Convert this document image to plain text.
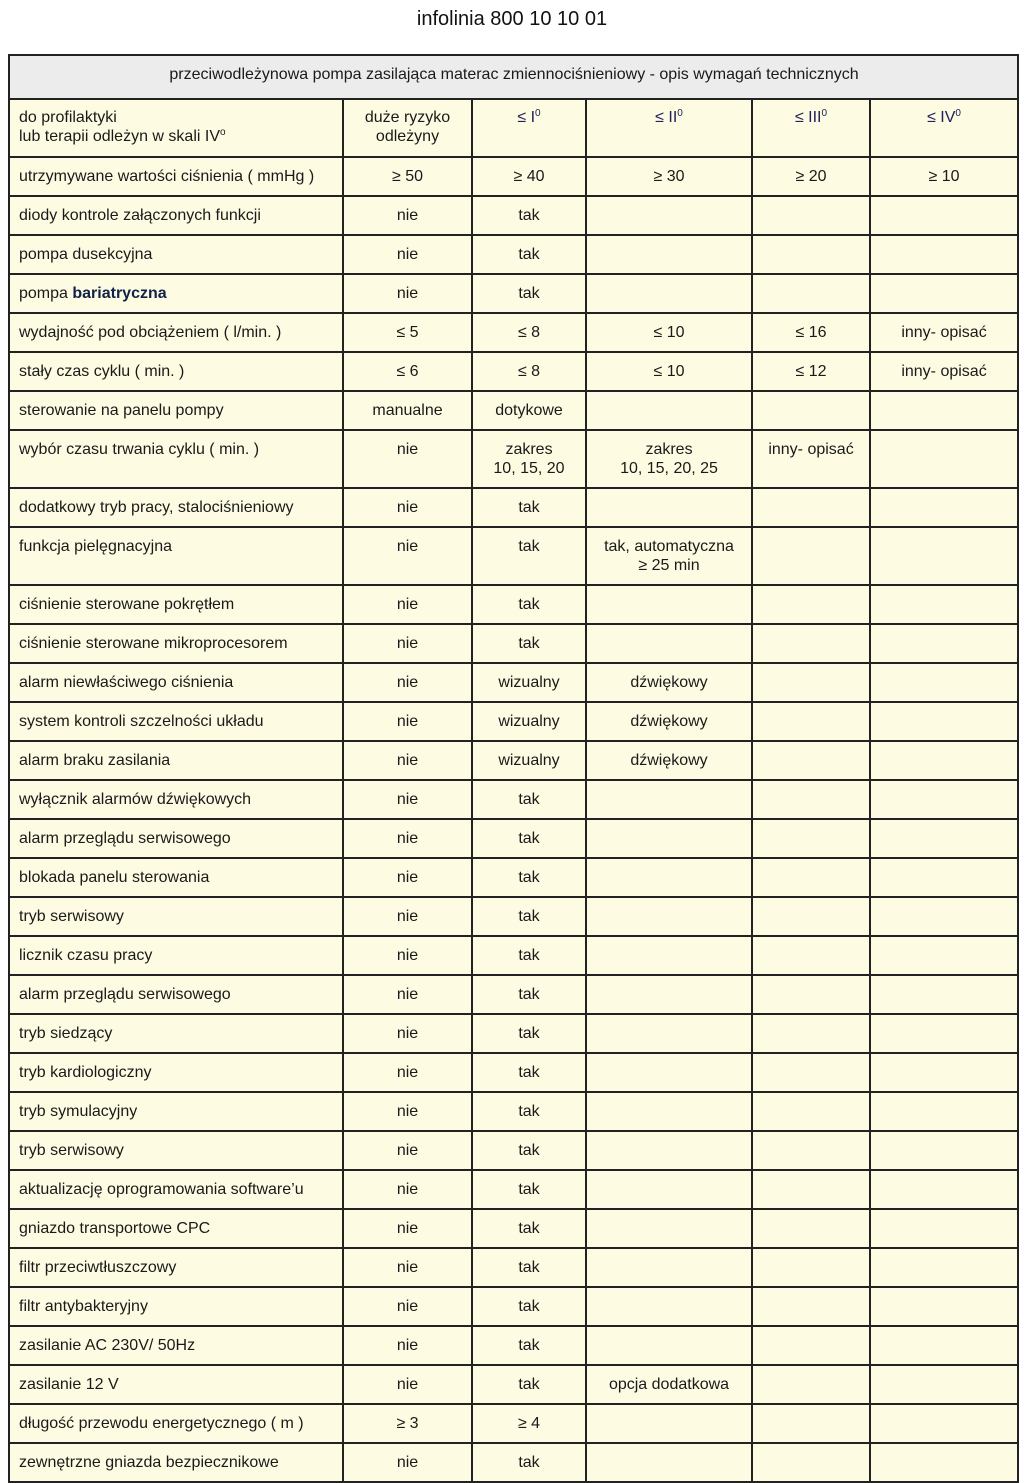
infolinia 800 10 10 01
przeciwodleżynowa pompa zasilająca materac zmiennociśnieniowy - opis wymagań technicznych					

do profilaktyki
lub terapii odleżyn w skali $IV^o$	duże ryzyko
odleżyny	≤ $I^0$	≤ $II^0$	≤ $III^0$	≤ $IV^0$

utrzymywane wartości ciśnienia ( mmHg )	≥ 50	≥ 40	≥ 30	≥ 20	≥ 10

diody kontrole załączonych funkcji	nie	tak			

pompa dusekcyjna	nie	tak			

pompa bariatryczna	nie	tak			

wydajność pod obciążeniem ( l/min. )	≤ 5	≤ 8	≤ 10	≤ 16	inny- opisać

stały czas cyklu ( min. )	≤ 6	≤ 8	≤ 10	≤ 12	inny- opisać

sterowanie na panelu pompy	manualne	dotykowe			

wybór czasu trwania cyklu ( min. )	nie	zakres
10, 15, 20	zakres
10, 15, 20, 25	inny- opisać	

dodatkowy tryb pracy, stalociśnieniowy	nie	tak			

funkcja pielęgnacyjna	nie	tak	tak, automatyczna
≥ 25 min		

ciśnienie sterowane pokrętłem	nie	tak			

ciśnienie sterowane mikroprocesorem	nie	tak			

alarm niewłaściwego ciśnienia	nie	wizualny	dźwiękowy		

system kontroli szczelności układu	nie	wizualny	dźwiękowy		

alarm braku zasilania	nie	wizualny	dźwiękowy		

wyłącznik alarmów dźwiękowych	nie	tak			

alarm przeglądu serwisowego	nie	tak			

blokada panelu sterowania	nie	tak			

tryb serwisowy	nie	tak			

licznik czasu pracy	nie	tak			

alarm przeglądu serwisowego	nie	tak			

tryb siedzący	nie	tak			

tryb kardiologiczny	nie	tak			

tryb symulacyjny	nie	tak			

tryb serwisowy	nie	tak			

aktualizację oprogramowania software’u	nie	tak			

gniazdo transportowe CPC	nie	tak			

filtr przeciwtłuszczowy	nie	tak			

filtr antybakteryjny	nie	tak			

zasilanie AC 230V/ 50Hz	nie	tak			

zasilanie 12 V	nie	tak	opcja dodatkowa		

długość przewodu energetycznego ( m )	≥ 3	≥ 4			

zewnętrzne gniazda bezpiecznikowe	nie	tak			
